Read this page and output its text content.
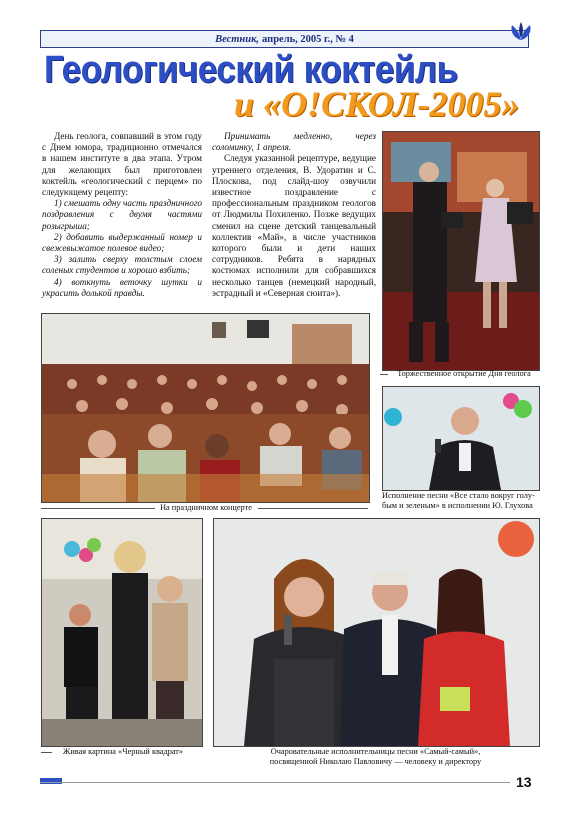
Вестник, апрель, 2005 г., № 4
Геологический коктейль
и «О!СКОЛ-2005»

День геолога, совпавший в этом году с Днем юмора, традиционно отмечался в нашем институте в два этапа. Утром для желающих был приготовлен коктейль «геологический с перцем» по следующему рецепту:

1) смешать одну часть праздничного поздравления с двумя частями розыгрыша;

2) добавить выдержанный номер и свежевыжатое полевое видео;

3) залить сверху толстым слоем соленых студентов и хорошо взбить;

4) воткнуть веточку шутки и украсить долькой правды.

Принимать медленно, через соломинку, 1 апреля.

Следуя указанной рецептуре, ведущие утреннего отделения, В. Удоратин и С. Плоскова, под слайд-шоу озвучили известное поздравление с профессиональным праздником геологов от Людмилы Похиленко. Позже ведущих сменил на сцене детский танцевальный коллектив «Май», в числе участников которого были и дети наших сотрудников. Ребята в нарядных костюмах исполнили для собравшихся несколько танцев (немецкий народный, эстрадный и «Северная сюита»).

Торжественное открытие Дня геолога
На праздничном концерте
Исполнение песни «Все стало вокруг голу-
бым и зеленым» в исполнении Ю. Глухова
Живая картина «Черный квадрат»	Очаровательные исполнительницы песни «Самый-самый»,
посвященной Николаю Павловичу — человеку и директору
13
